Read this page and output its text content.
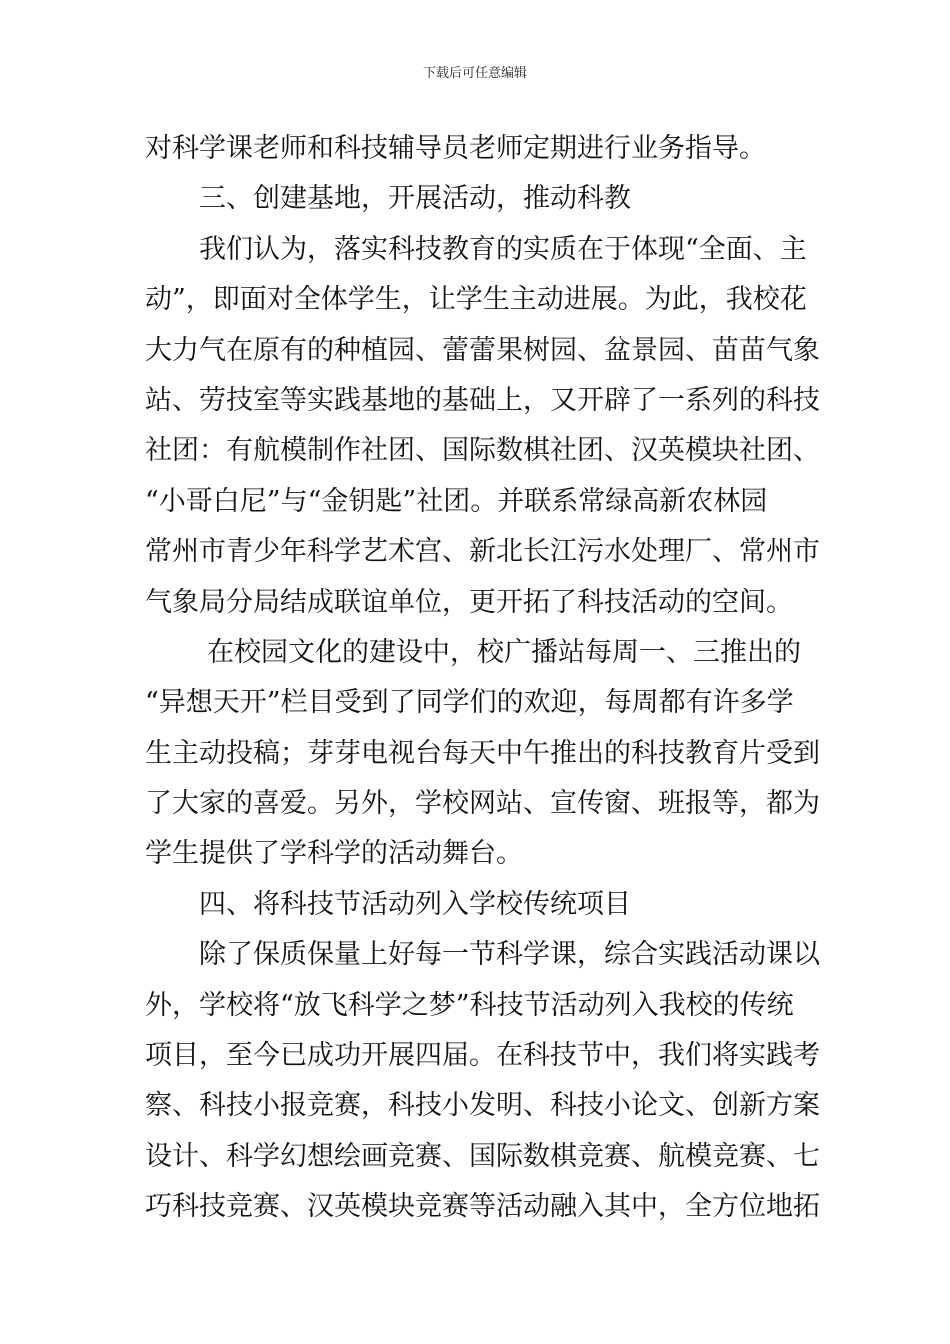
下载后可任意编辑
对科学课老师和科技辅导员老师定期进行业务指导。
三、创建基地，开展活动，推动科教
我们认为，落实科技教育的实质在于体现“全面、主
动”，即面对全体学生，让学生主动进展。为此，我校花
大力气在原有的种植园、蕾蕾果树园、盆景园、苗苗气象
站、劳技室等实践基地的基础上，又开辟了一系列的科技
社团：有航模制作社团、国际数棋社团、汉英模块社团、
“小哥白尼”与“金钥匙”社团。并联系常绿高新农林园
常州市青少年科学艺术宫、新北长江污水处理厂、常州市
气象局分局结成联谊单位，更开拓了科技活动的空间。
在校园文化的建设中，校广播站每周一、三推出的
“异想天开”栏目受到了同学们的欢迎，每周都有许多学
生主动投稿；芽芽电视台每天中午推出的科技教育片受到
了大家的喜爱。另外，学校网站、宣传窗、班报等，都为
学生提供了学科学的活动舞台。
四、将科技节活动列入学校传统项目
除了保质保量上好每一节科学课，综合实践活动课以
外，学校将“放飞科学之梦”科技节活动列入我校的传统
项目，至今已成功开展四届。在科技节中，我们将实践考
察、科技小报竞赛，科技小发明、科技小论文、创新方案
设计、科学幻想绘画竞赛、国际数棋竞赛、航模竞赛、七
巧科技竞赛、汉英模块竞赛等活动融入其中，全方位地拓
